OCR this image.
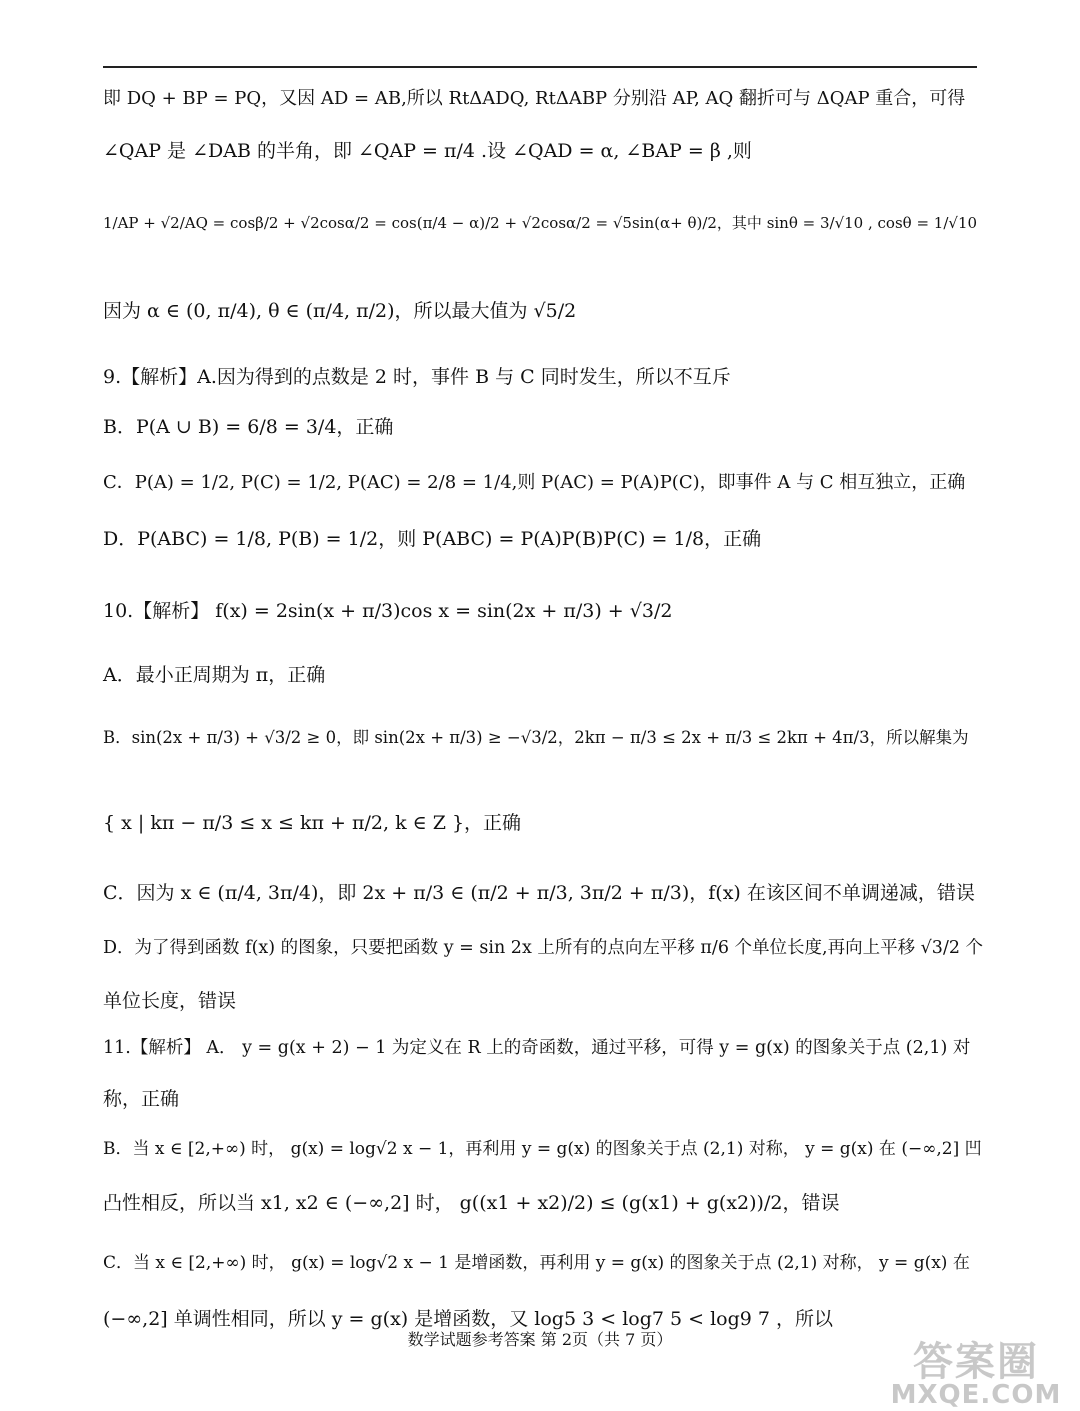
即 DQ + BP = PQ，又因 AD = AB,所以 RtΔADQ, RtΔABP 分别沿 AP, AQ 翻折可与 ΔQAP 重合，可得
∠QAP 是 ∠DAB 的半角，即 ∠QAP = π/4 .设 ∠QAD = α, ∠BAP = β ,则
1/AP + √2/AQ = cosβ/2 + √2cosα/2 = cos(π/4 − α)/2 + √2cosα/2 = √5sin(α+ θ)/2，其中 sinθ = 3/√10 , cosθ = 1/√10
因为 α ∈ (0, π/4), θ ∈ (π/4, π/2)，所以最大值为 √5/2
9.【解析】A.因为得到的点数是 2 时，事件 B 与 C 同时发生，所以不互斥
B．P(A ∪ B) = 6/8 = 3/4，正确
C．P(A) = 1/2, P(C) = 1/2, P(AC) = 2/8 = 1/4,则 P(AC) = P(A)P(C)，即事件 A 与 C 相互独立，正确
D．P(ABC) = 1/8, P(B) = 1/2，则 P(ABC) = P(A)P(B)P(C) = 1/8，正确
10.【解析】 f(x) = 2sin(x + π/3)cos x = sin(2x + π/3) + √3/2
A．最小正周期为 π，正确
B．sin(2x + π/3) + √3/2 ≥ 0，即 sin(2x + π/3) ≥ −√3/2，2kπ − π/3 ≤ 2x + π/3 ≤ 2kπ + 4π/3，所以解集为
{ x | kπ − π/3 ≤ x ≤ kπ + π/2, k ∈ Z }，正确
C．因为 x ∈ (π/4, 3π/4)，即 2x + π/3 ∈ (π/2 + π/3, 3π/2 + π/3)，f(x) 在该区间不单调递减，错误
D．为了得到函数 f(x) 的图象，只要把函数 y = sin 2x 上所有的点向左平移 π/6 个单位长度,再向上平移 √3/2 个
单位长度，错误
11.【解析】 A． y = g(x + 2) − 1 为定义在 R 上的奇函数，通过平移，可得 y = g(x) 的图象关于点 (2,1) 对
称，正确
B．当 x ∈ [2,+∞) 时， g(x) = log√2 x − 1，再利用 y = g(x) 的图象关于点 (2,1) 对称， y = g(x) 在 (−∞,2] 凹
凸性相反，所以当 x1, x2 ∈ (−∞,2] 时， g((x1 + x2)/2) ≤ (g(x1) + g(x2))/2，错误
C．当 x ∈ [2,+∞) 时， g(x) = log√2 x − 1 是增函数，再利用 y = g(x) 的图象关于点 (2,1) 对称， y = g(x) 在
(−∞,2] 单调性相同，所以 y = g(x) 是增函数，又 log5 3 < log7 5 < log9 7 ，所以
数学试题参考答案 第 2页（共 7 页）	答案圈
MXQE.COM
